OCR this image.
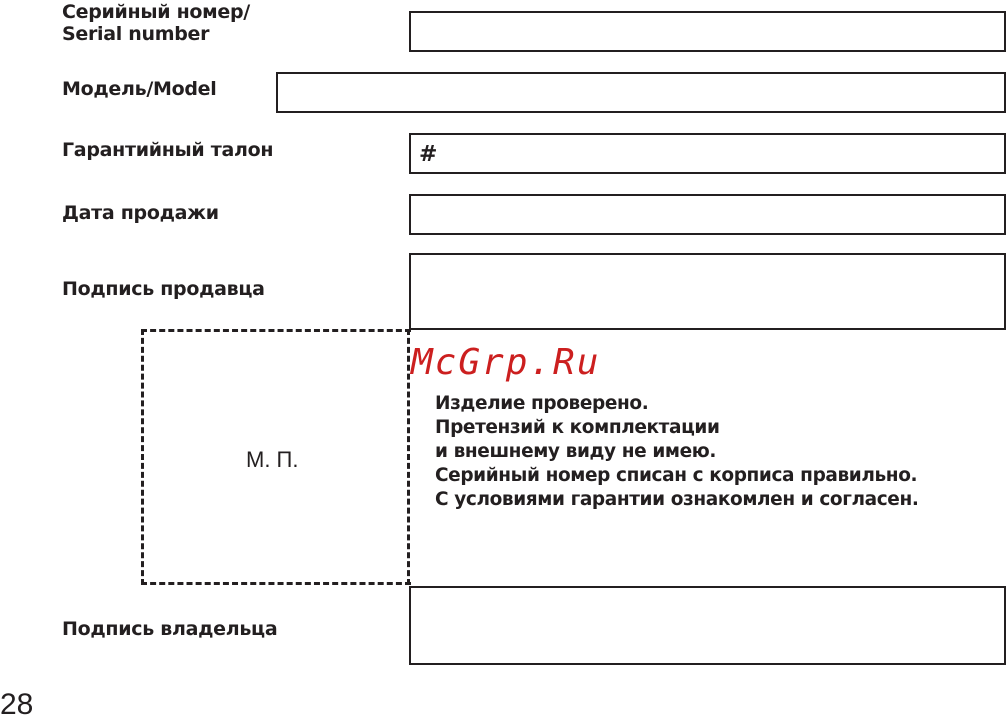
Серийный номер/
Serial number
Модель/Model
Гарантийный талон	#
Дата продажи
Подпись продавца
М. П.
McGrp.Ru
Изделие проверено.
Претензий к комплектации
и внешнему виду не имею.
Серийный номер списан с корписа правильно.
С условиями гарантии ознакомлен и согласен.
Подпись владельца
28
